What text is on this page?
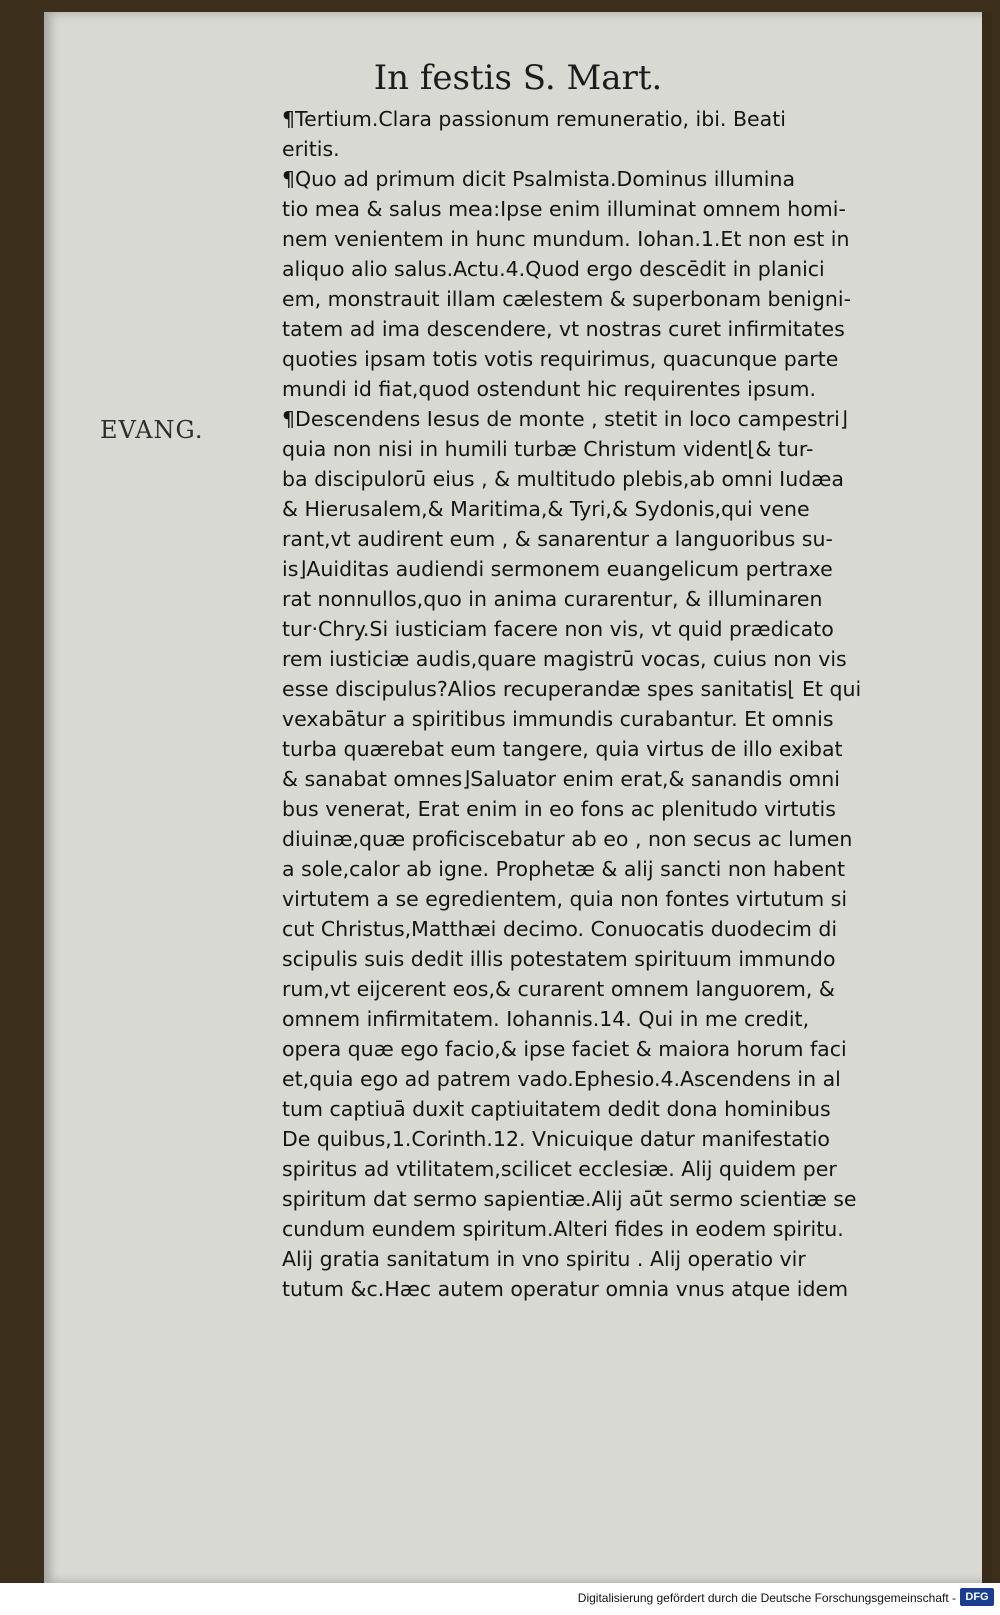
In festis S. Mart.
EVANG.
¶Tertium.Clara passionum remuneratio, ibi. Beati
eritis.
¶Quo ad primum dicit Psalmista.Dominus illumina
tio mea & salus mea:Ipse enim illuminat omnem homi-
nem venientem in hunc mundum. Iohan.1.Et non est in
aliquo alio salus.Actu.4.Quod ergo descēdit in planici
em, monstrauit illam cælestem & superbonam benigni-
tatem ad ima descendere, vt nostras curet infirmitates
quoties ipsam totis votis requirimus, quacunque parte
mundi id fiat,quod ostendunt hic requirentes ipsum.
¶Descendens Iesus de monte , stetit in loco campestri⌋
quia non nisi in humili turbæ Christum vident⌊& tur-
ba discipulorū eius , & multitudo plebis,ab omni Iudæa
& Hierusalem,& Maritima,& Tyri,& Sydonis,qui vene
rant,vt audirent eum , & sanarentur a languoribus su-
is⌋Auiditas audiendi sermonem euangelicum pertraxe
rat nonnullos,quo in anima curarentur, & illuminaren
tur·Chry.Si iusticiam facere non vis, vt quid prædicato
rem iusticiæ audis,quare magistrū vocas, cuius non vis
esse discipulus?Alios recuperandæ spes sanitatis⌊ Et qui
vexabātur a spiritibus immundis curabantur. Et omnis
turba quærebat eum tangere, quia virtus de illo exibat
& sanabat omnes⌋Saluator enim erat,& sanandis omni
bus venerat, Erat enim in eo fons ac plenitudo virtutis
diuinæ,quæ proficiscebatur ab eo , non secus ac lumen
a sole,calor ab igne. Prophetæ & alij sancti non habent
virtutem a se egredientem, quia non fontes virtutum si
cut Christus,Matthæi decimo. Conuocatis duodecim di
scipulis suis dedit illis potestatem spirituum immundo
rum,vt eijcerent eos,& curarent omnem languorem, &
omnem infirmitatem. Iohannis.14. Qui in me credit,
opera quæ ego facio,& ipse faciet & maiora horum faci
et,quia ego ad patrem vado.Ephesio.4.Ascendens in al
tum captiuā duxit captiuitatem dedit dona hominibus
De quibus,1.Corinth.12. Vnicuique datur manifestatio
spiritus ad vtilitatem,scilicet ecclesiæ. Alij quidem per
spiritum dat sermo sapientiæ.Alij aūt sermo scientiæ se
cundum eundem spiritum.Alteri fides in eodem spiritu.
Alij gratia sanitatum in vno spiritu . Alij operatio vir
tutum &c.Hæc autem operatur omnia vnus atque idem
Digitalisierung gefördert durch die Deutsche Forschungsgemeinschaft - DFG
